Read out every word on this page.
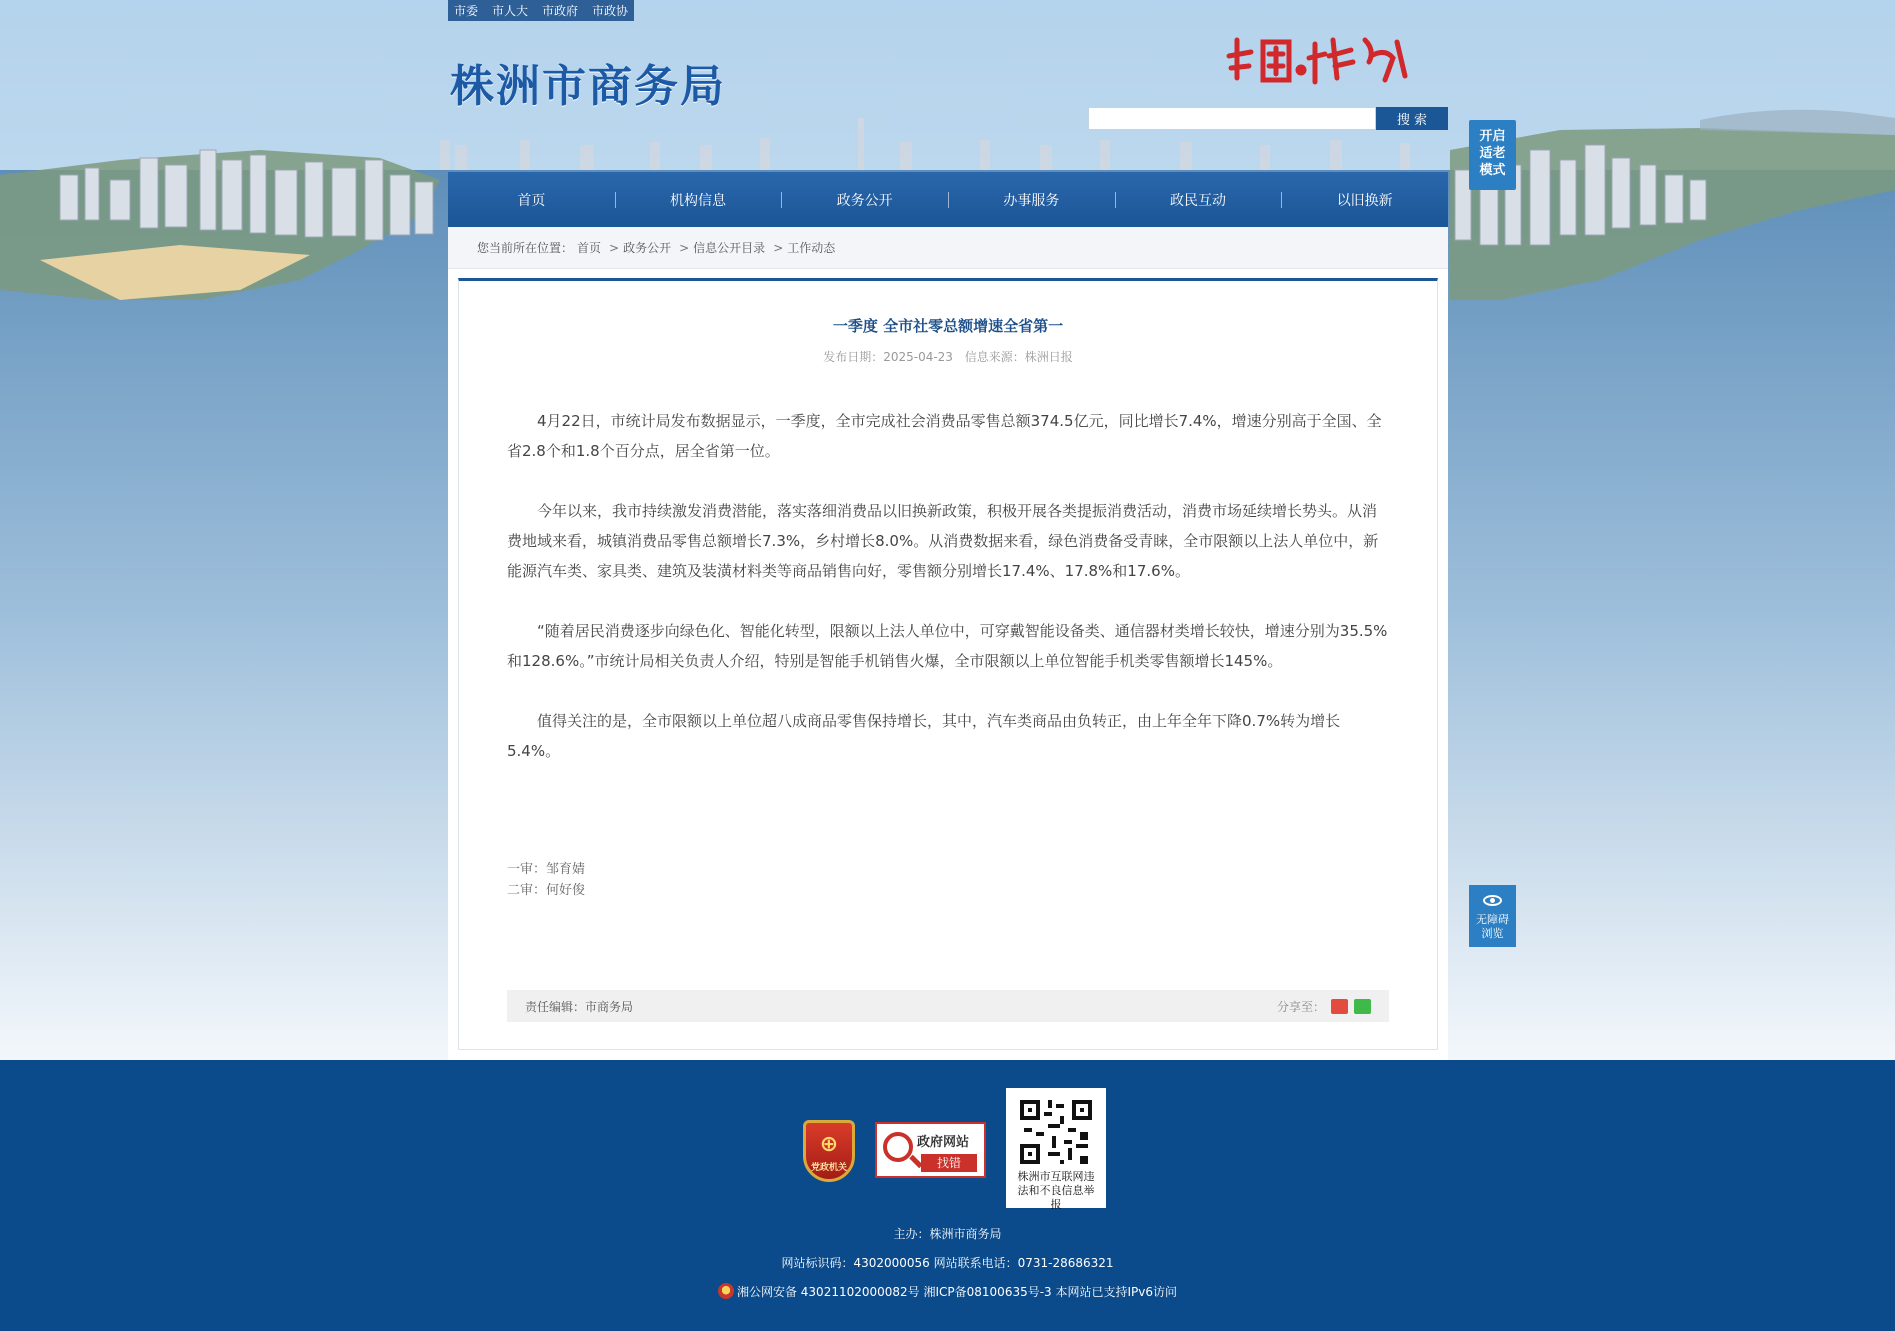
市委 市人大 市政府 市政协
株洲市商务局
搜 索
开启适老模式
首页	机构信息	政务公开	办事服务	政民互动	以旧换新
您当前所在位置： 首页 > 政务公开 > 信息公开目录 > 工作动态
一季度 全市社零总额增速全省第一
发布日期：2025-04-23 信息来源：株洲日报

4月22日，市统计局发布数据显示，一季度，全市完成社会消费品零售总额374.5亿元，同比增长7.4%，增速分别高于全国、全省2.8个和1.8个百分点，居全省第一位。

今年以来，我市持续激发消费潜能，落实落细消费品以旧换新政策，积极开展各类提振消费活动，消费市场延续增长势头。从消费地域来看，城镇消费品零售总额增长7.3%，乡村增长8.0%。从消费数据来看，绿色消费备受青睐，全市限额以上法人单位中，新能源汽车类、家具类、建筑及装潢材料类等商品销售向好，零售额分别增长17.4%、17.8%和17.6%。

“随着居民消费逐步向绿色化、智能化转型，限额以上法人单位中，可穿戴智能设备类、通信器材类增长较快，增速分别为35.5%和128.6%。”市统计局相关负责人介绍，特别是智能手机销售火爆，全市限额以上单位智能手机类零售额增长145%。

值得关注的是，全市限额以上单位超八成商品零售保持增长，其中，汽车类商品由负转正，由上年全年下降0.7%转为增长5.4%。

一审：邹育婧
二审：何好俊
责任编辑：市商务局	分享至：
无障碍浏览
⊕
党政机关
政府网站
找错
株洲市互联网违法和不良信息举报
主办：株洲市商务局
网站标识码：4302000056 网站联系电话：0731-28686321
湘公网安备 43021102000082号 湘ICP备08100635号-3 本网站已支持IPv6访问
